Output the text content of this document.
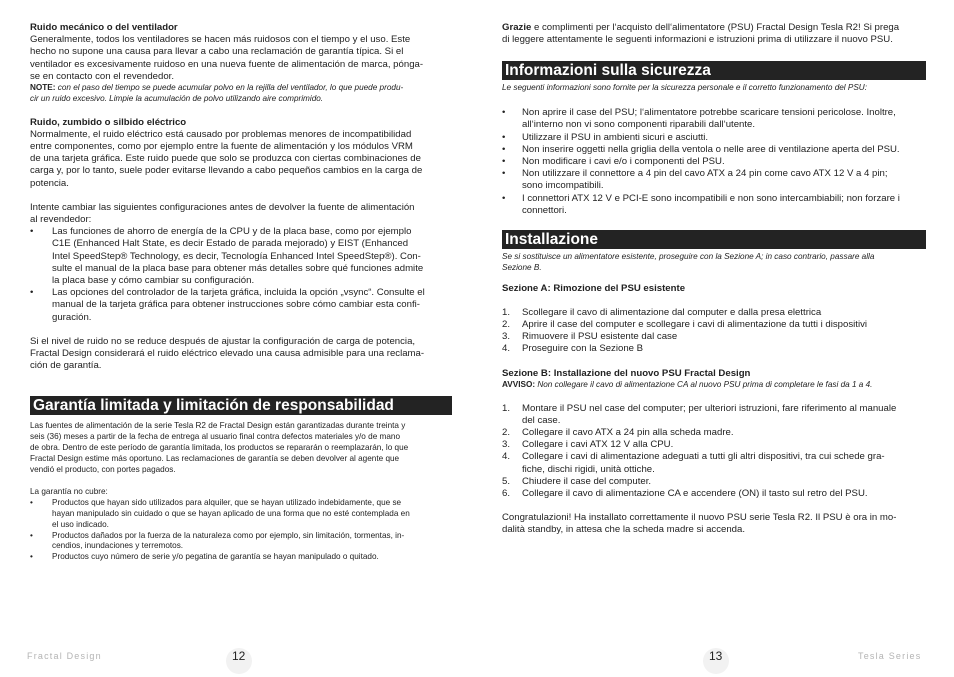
Ruido mecánico o del ventilador

Generalmente, todos los ventiladores se hacen más ruidosos con el tiempo y el uso. Este

hecho no supone una causa para llevar a cabo una reclamación de garantía típica. Si el

ventilador es excesivamente ruidoso en una nueva fuente de alimentación de marca, pónga-

se en contacto con el revendedor.

NOTE: con el paso del tiempo se puede acumular polvo en la rejilla del ventilador, lo que puede produ-

cir un ruido excesivo. Limpie la acumulación de polvo utilizando aire comprimido.

Ruido, zumbido o silbido eléctrico

Normalmente, el ruido eléctrico está causado por problemas menores de incompatibilidad

entre componentes, como por ejemplo entre la fuente de alimentación y los módulos VRM

de una tarjeta gráfica. Este ruido puede que solo se produzca con ciertas combinaciones de

carga y, por lo tanto, suele poder evitarse llevando a cabo pequeños cambios en la carga de

potencia.

Intente cambiar las siguientes configuraciones antes de devolver la fuente de alimentación

al revendedor:

•	Las funciones de ahorro de energía de la CPU y de la placa base, como por ejemplo

C1E (Enhanced Halt State, es decir Estado de parada mejorado) y EIST (Enhanced

Intel SpeedStep® Technology, es decir, Tecnología Enhanced Intel SpeedStep®). Con-

sulte el manual de la placa base para obtener más detalles sobre qué funciones admite

la placa base y cómo cambiar su configuración.

•	Las opciones del controlador de la tarjeta gráfica, incluida la opción „vsync“. Consulte el

manual de la tarjeta gráfica para obtener instrucciones sobre cómo cambiar esta confi-

guración.

Si el nivel de ruido no se reduce después de ajustar la configuración de carga de potencia,

Fractal Design considerará el ruido eléctrico elevado una causa admisible para una reclama-

ción de garantía.

Garantía limitada y limitación de responsabilidad

Las fuentes de alimentación de la serie Tesla R2 de Fractal Design están garantizadas durante treinta y

seis (36) meses a partir de la fecha de entrega al usuario final contra defectos materiales y/o de mano

de obra. Dentro de este período de garantía limitada, los productos se repararán o reemplazarán, lo que

Fractal Design estime más oportuno. Las reclamaciones de garantía se deben devolver al agente que

vendió el producto, con portes pagados.

La garantía no cubre:

•	Productos que hayan sido utilizados para alquiler, que se hayan utilizado indebidamente, que se

hayan manipulado sin cuidado o que se hayan aplicado de una forma que no esté contemplada en

el uso indicado.

•	Productos dañados por la fuerza de la naturaleza como por ejemplo, sin limitación, tormentas, in-

cendios, inundaciones y terremotos.

•	Productos cuyo número de serie y/o pegatina de garantía se hayan manipulado o quitado.

Grazie e complimenti per l‘acquisto dell‘alimentatore (PSU) Fractal Design Tesla R2! Si prega

di leggere attentamente le seguenti informazioni e istruzioni prima di utilizzare il nuovo PSU.

Informazioni sulla sicurezza

Le seguenti informazioni sono fornite per la sicurezza personale e il corretto funzionamento del PSU:

•	Non aprire il case del PSU; l‘alimentatore potrebbe scaricare tensioni pericolose. Inoltre,

all‘interno non vi sono componenti riparabili dall‘utente.

•	Utilizzare il PSU in ambienti sicuri e asciutti.

•	Non inserire oggetti nella griglia della ventola o nelle aree di ventilazione aperta del PSU.

•	Non modificare i cavi e/o i componenti del PSU.

•	Non utilizzare il connettore a 4 pin del cavo ATX a 24 pin come cavo ATX 12 V a 4 pin;

sono imcompatibili.

•	I connettori ATX 12 V e PCI-E sono incompatibili e non sono intercambiabili; non forzare i

connettori.

Installazione

Se si sostituisce un alimentatore esistente, proseguire con la Sezione A; in caso contrario, passare alla

Sezione B.

Sezione A: Rimozione del PSU esistente

1.	Scollegare il cavo di alimentazione dal computer e dalla presa elettrica

2.	Aprire il case del computer e scollegare i cavi di alimentazione da tutti i dispositivi

3.	Rimuovere il PSU esistente dal case

4.	Proseguire con la Sezione B

Sezione B: Installazione del nuovo PSU Fractal Design

AVVISO: Non collegare il cavo di alimentazione CA al nuovo PSU prima di completare le fasi da 1 a 4.

1.	Montare il PSU nel case del computer; per ulteriori istruzioni, fare riferimento al manuale

del case.

2.	Collegare il cavo ATX a 24 pin alla scheda madre.

3.	Collegare i cavi ATX 12 V alla CPU.

4.	Collegare i cavi di alimentazione adeguati a tutti gli altri dispositivi, tra cui schede gra-

fiche, dischi rigidi, unità ottiche.

5.	Chiudere il case del computer.

6.	Collegare il cavo di alimentazione CA e accendere (ON) il tasto sul retro del PSU.

Congratulazioni! Ha installato correttamente il nuovo PSU serie Tesla R2. Il PSU è ora in mo-

dalità standby, in attesa che la scheda madre si accenda.

Fractal Design	12	13	Tesla Series
